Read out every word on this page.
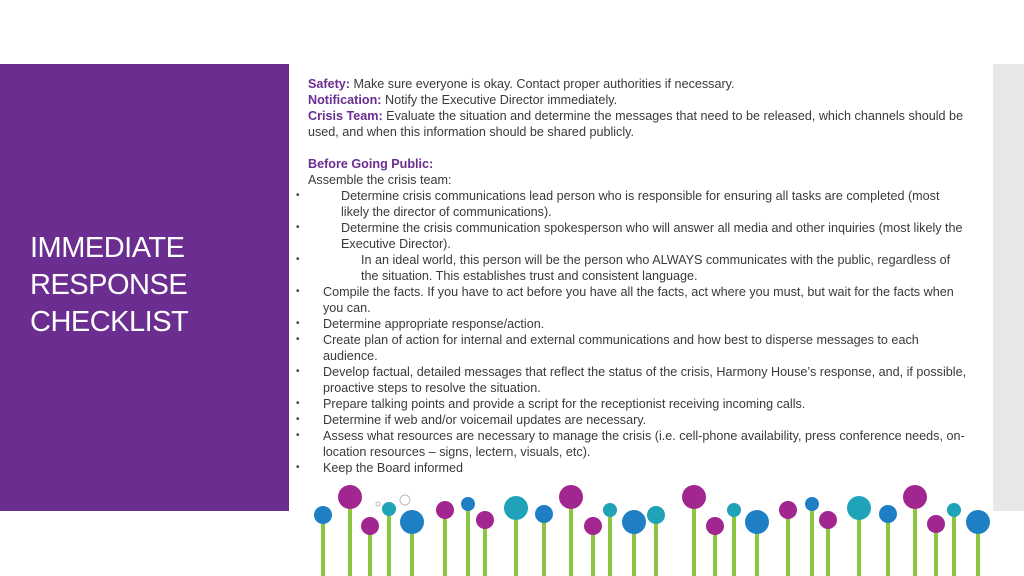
IMMEDIATE
RESPONSE
CHECKLIST

Safety: Make sure everyone is okay. Contact proper authorities if necessary.

Notification: Notify the Executive Director immediately.

Crisis Team: Evaluate the situation and determine the messages that need to be released, which channels should be used, and when this information should be shared publicly.

Before Going Public:

Assemble the crisis team:

•	Determine crisis communications lead person who is responsible for ensuring all tasks are completed (most likely the director of communications).
•	Determine the crisis communication spokesperson who will answer all media and other inquiries (most likely the Executive Director).
•	In an ideal world, this person will be the person who ALWAYS communicates with the public, regardless of the situation. This establishes trust and consistent language.
• Compile the facts. If you have to act before you have all the facts, act where you must, but wait for the facts when you can.
• Determine appropriate response/action.
• Create plan of action for internal and external communications and how best to disperse messages to each audience.
• Develop factual, detailed messages that reflect the status of the crisis, Harmony House’s response, and, if possible, proactive steps to resolve the situation.
• Prepare talking points and provide a script for the receptionist receiving incoming calls.
• Determine if web and/or voicemail updates are necessary.
• Assess what resources are necessary to manage the crisis (i.e. cell-phone availability, press conference needs, on-location resources – signs, lectern, visuals, etc).
• Keep the Board informed
